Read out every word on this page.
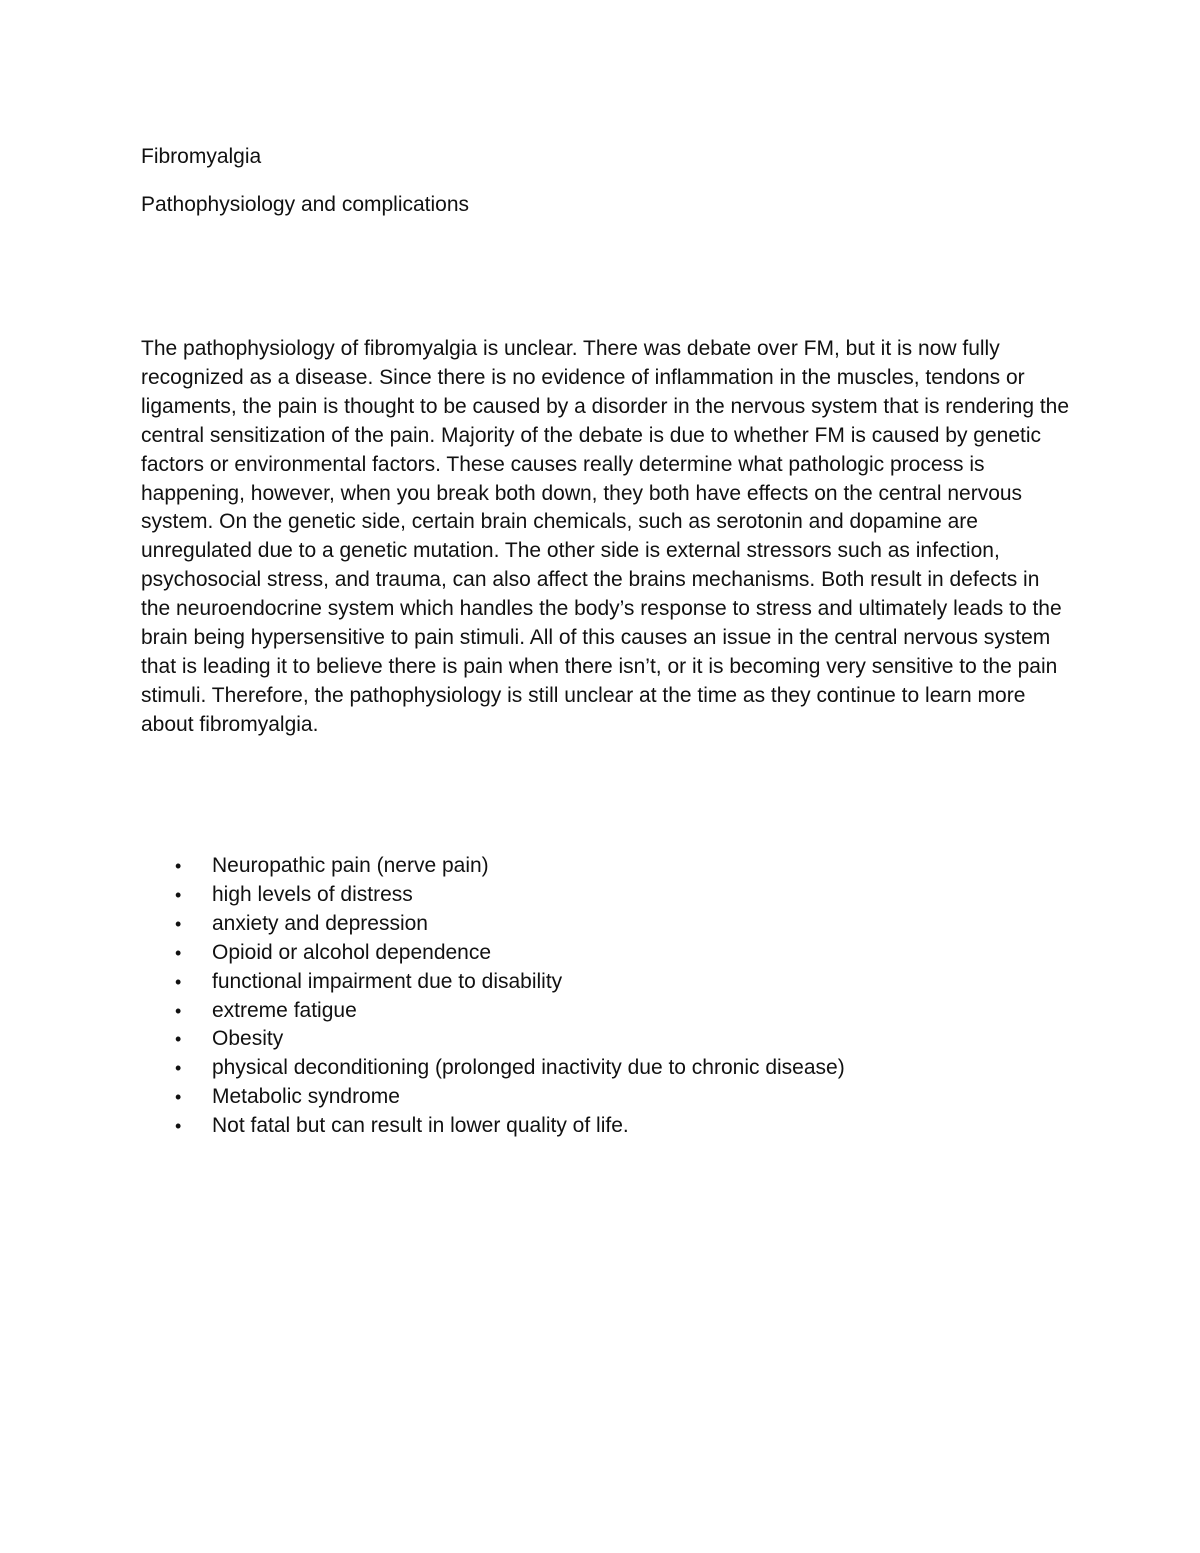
Fibromyalgia
Pathophysiology and complications

The pathophysiology of fibromyalgia is unclear. There was debate over FM, but it is now fully recognized as a disease. Since there is no evidence of inflammation in the muscles, tendons or ligaments, the pain is thought to be caused by a disorder in the nervous system that is rendering the central sensitization of the pain. Majority of the debate is due to whether FM is caused by genetic factors or environmental factors. These causes really determine what pathologic process is happening, however, when you break both down, they both have effects on the central nervous system. On the genetic side, certain brain chemicals, such as serotonin and dopamine are unregulated due to a genetic mutation. The other side is external stressors such as infection, psychosocial stress, and trauma, can also affect the brains mechanisms. Both result in defects in the neuroendocrine system which handles the body’s response to stress and ultimately leads to the brain being hypersensitive to pain stimuli. All of this causes an issue in the central nervous system that is leading it to believe there is pain when there isn’t, or it is becoming very sensitive to the pain stimuli. Therefore, the pathophysiology is still unclear at the time as they continue to learn more about fibromyalgia.

• Neuropathic pain (nerve pain)
• high levels of distress
• anxiety and depression
• Opioid or alcohol dependence
• functional impairment due to disability
• extreme fatigue
• Obesity
• physical deconditioning (prolonged inactivity due to chronic disease)
• Metabolic syndrome
• Not fatal but can result in lower quality of life.
